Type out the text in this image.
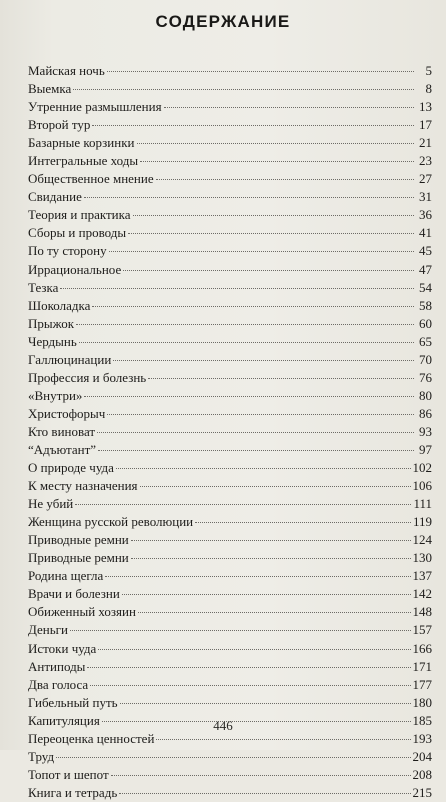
СОДЕРЖАНИЕ
Майская ночь	5
Выемка	8
Утренние размышления	13
Второй тур	17
Базарные корзинки	21
Интегральные ходы	23
Общественное мнение	27
Свидание	31
Теория и практика	36
Сборы и проводы	41
По ту сторону	45
Иррациональное	47
Тезка	54
Шоколадка	58
Прыжок	60
Чердынь	65
Галлюцинации	70
Профессия и болезнь	76
«Внутри»	80
Христофорыч	86
Кто виноват	93
“Адъютант”	97
О природе чуда	102
К месту назначения	106
Не убий	111
Женщина русской революции	119
Приводные ремни	124
Приводные ремни	130
Родина щегла	137
Врачи и болезни	142
Обиженный хозяин	148
Деньги	157
Истоки чуда	166
Антиподы	171
Два голоса	177
Гибельный путь	180
Капитуляция	185
Переоценка ценностей	193
Труд	204
Топот и шепот	208
Книга и тетрадь	215
446
